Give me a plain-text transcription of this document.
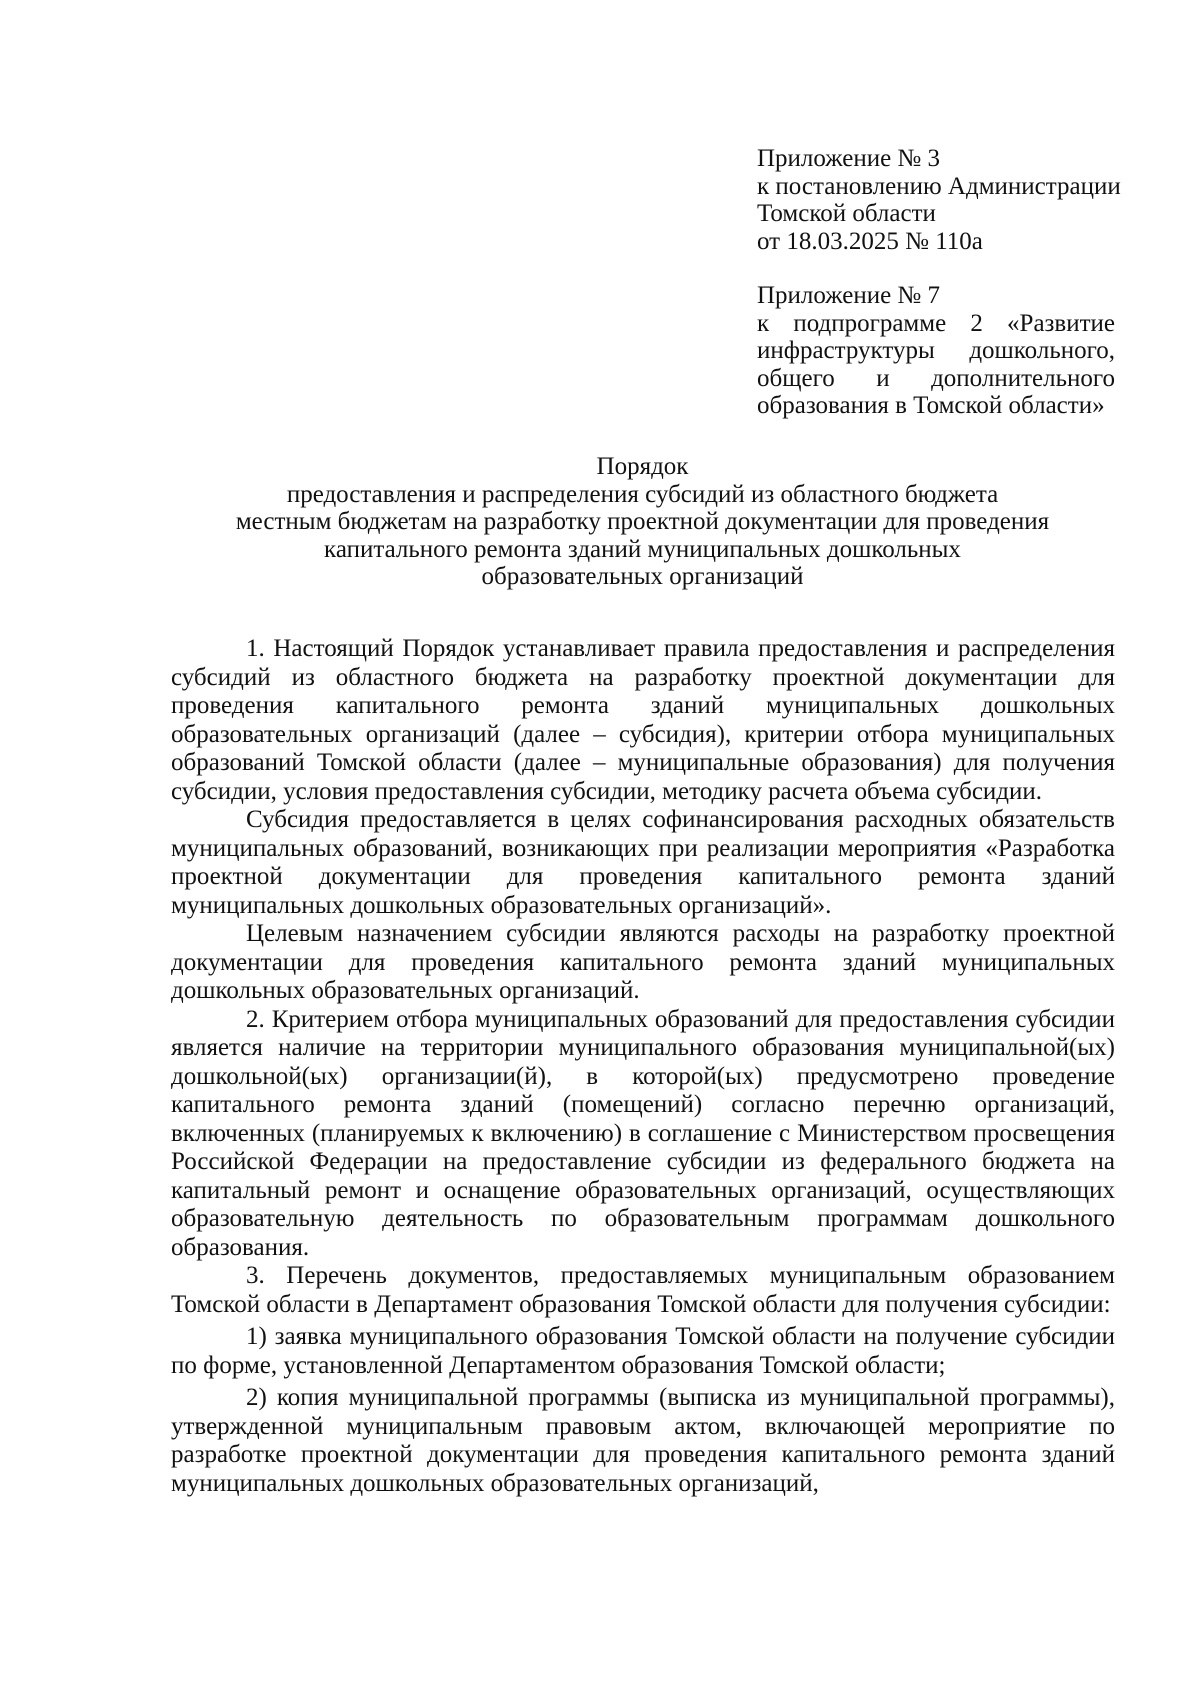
Приложение № 3
к постановлению Администрации
Томской области
от 18.03.2025 № 110а
Приложение № 7
к подпрограмме 2 «Развитие
инфраструктуры дошкольного,
общего и дополнительного
образования в Томской области»
Порядок
предоставления и распределения субсидий из областного бюджета
местным бюджетам на разработку проектной документации для проведения
капитального ремонта зданий муниципальных дошкольных
образовательных организаций

1. Настоящий Порядок устанавливает правила предоставления и распределения субсидий из областного бюджета на разработку проектной документации для проведения капитального ремонта зданий муниципальных дошкольных образовательных организаций (далее – субсидия), критерии отбора муниципальных образований Томской области (далее – муниципальные образования) для получения субсидии, условия предоставления субсидии, методику расчета объема субсидии.

Субсидия предоставляется в целях софинансирования расходных обязательств муниципальных образований, возникающих при реализации мероприятия «Разработка проектной документации для проведения капитального ремонта зданий муниципальных дошкольных образовательных организаций».

Целевым назначением субсидии являются расходы на разработку проектной документации для проведения капитального ремонта зданий муниципальных дошкольных образовательных организаций.

2. Критерием отбора муниципальных образований для предоставления субсидии является наличие на территории муниципального образования муниципальной(ых) дошкольной(ых) организации(й), в которой(ых) предусмотрено проведение капитального ремонта зданий (помещений) согласно перечню организаций, включенных (планируемых к включению) в соглашение с Министерством просвещения Российской Федерации на предоставление субсидии из федерального бюджета на капитальный ремонт и оснащение образовательных организаций, осуществляющих образовательную деятельность по образовательным программам дошкольного образования.

3. Перечень документов, предоставляемых муниципальным образованием Томской области в Департамент образования Томской области для получения субсидии:

1) заявка муниципального образования Томской области на получение субсидии по форме, установленной Департаментом образования Томской области;

2) копия муниципальной программы (выписка из муниципальной программы), утвержденной муниципальным правовым актом, включающей мероприятие по разработке проектной документации для проведения капитального ремонта зданий муниципальных дошкольных образовательных организаций,
